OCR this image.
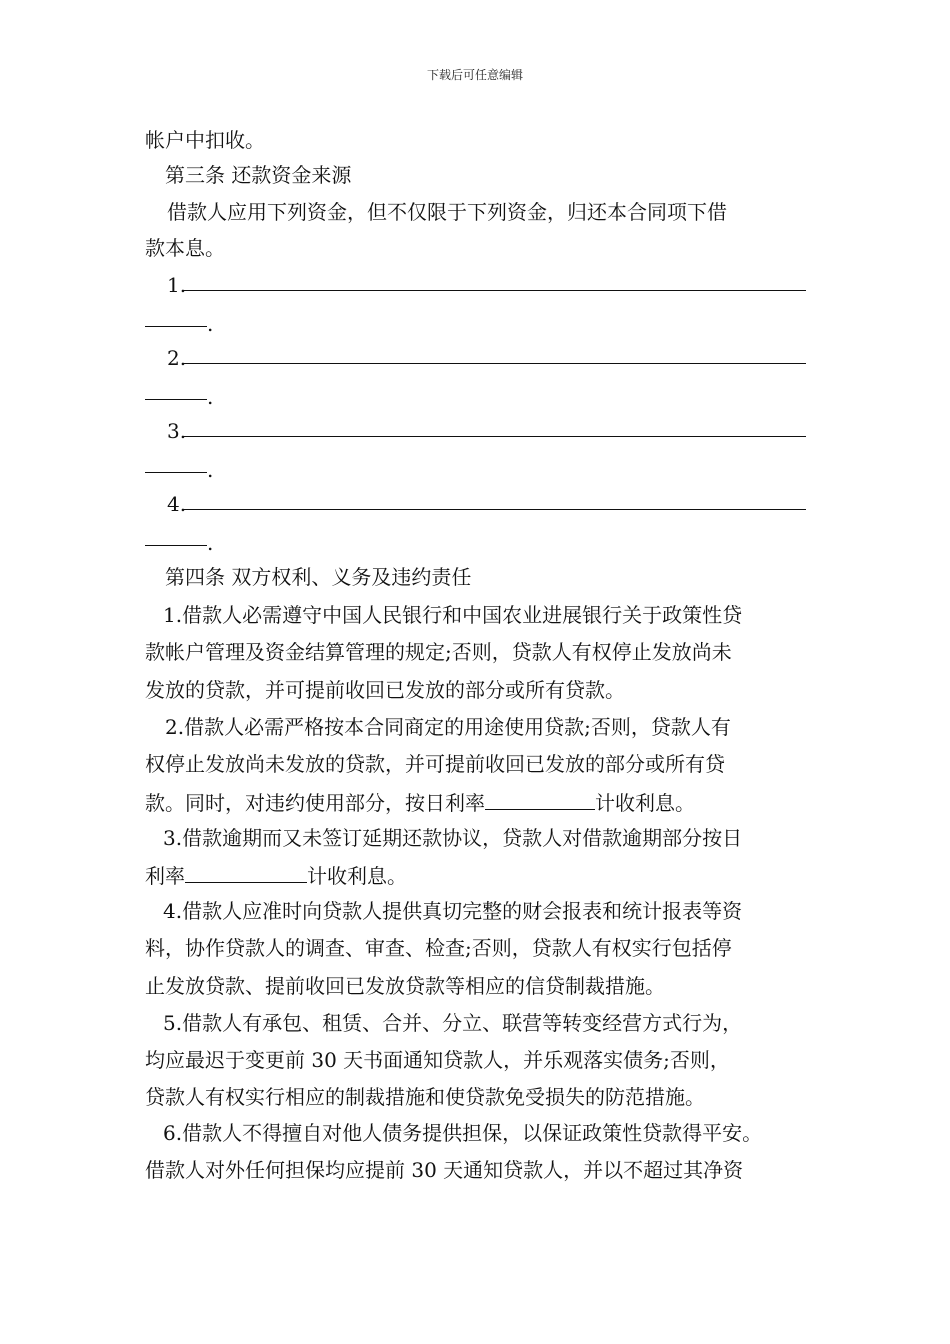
下载后可任意编辑
帐户中扣收。
第三条 还款资金来源
借款人应用下列资金，但不仅限于下列资金，归还本合同项下借
款本息。
1.
.
2.
.
3.
.
4.
.
第四条 双方权利、义务及违约责任
1.借款人必需遵守中国人民银行和中国农业进展银行关于政策性贷
款帐户管理及资金结算管理的规定;否则，贷款人有权停止发放尚未
发放的贷款，并可提前收回已发放的部分或所有贷款。
2.借款人必需严格按本合同商定的用途使用贷款;否则，贷款人有
权停止发放尚未发放的贷款，并可提前收回已发放的部分或所有贷
款。同时，对违约使用部分，按日利率	计收利息。
3.借款逾期而又未签订延期还款协议，贷款人对借款逾期部分按日
利率	计收利息。
4.借款人应准时向贷款人提供真切完整的财会报表和统计报表等资
料，协作贷款人的调查、审查、检查;否则，贷款人有权实行包括停
止发放贷款、提前收回已发放贷款等相应的信贷制裁措施。
5.借款人有承包、租赁、合并、分立、联营等转变经营方式行为，
均应最迟于变更前 30 天书面通知贷款人，并乐观落实债务;否则，
贷款人有权实行相应的制裁措施和使贷款免受损失的防范措施。
6.借款人不得擅自对他人债务提供担保，以保证政策性贷款得平安。
借款人对外任何担保均应提前 30 天通知贷款人，并以不超过其净资
